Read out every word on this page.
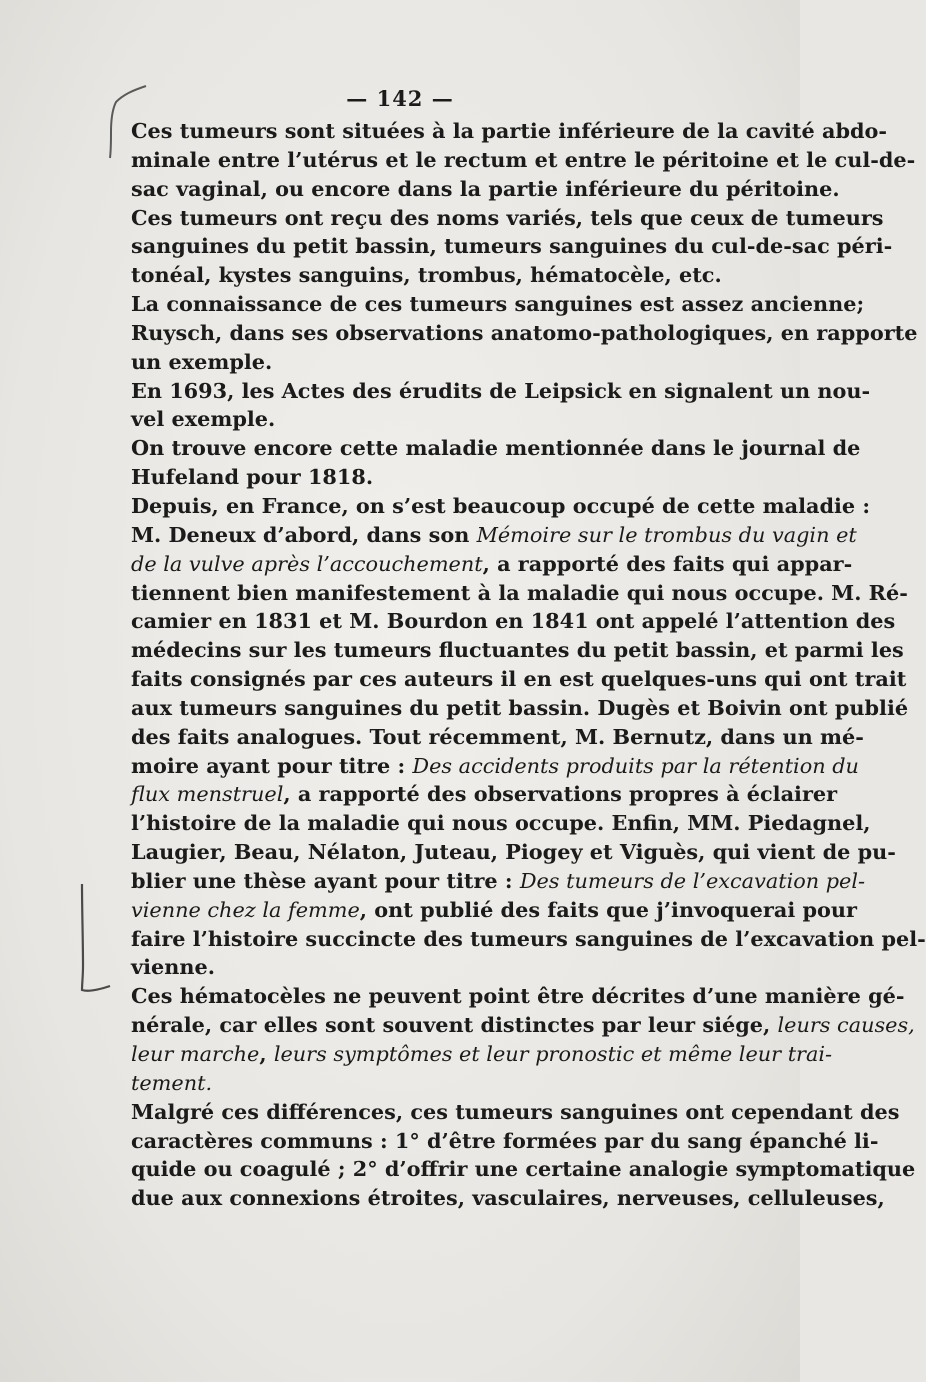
— 142 —

Ces tumeurs sont situées à la partie inférieure de la cavité abdo-
minale entre l’utérus et le rectum et entre le péritoine et le cul-de-
sac vaginal, ou encore dans la partie inférieure du péritoine.

Ces tumeurs ont reçu des noms variés, tels que ceux de tumeurs
sanguines du petit bassin, tumeurs sanguines du cul-de-sac péri-
tonéal, kystes sanguins, trombus, hématocèle, etc.

La connaissance de ces tumeurs sanguines est assez ancienne;
Ruysch, dans ses observations anatomo-pathologiques, en rapporte
un exemple.

En 1693, les Actes des érudits de Leipsick en signalent un nou-
vel exemple.

On trouve encore cette maladie mentionnée dans le journal de
Hufeland pour 1818.

Depuis, en France, on s’est beaucoup occupé de cette maladie :
M. Deneux d’abord, dans son Mémoire sur le trombus du vagin et
de la vulve après l’accouchement, a rapporté des faits qui appar-
tiennent bien manifestement à la maladie qui nous occupe. M. Ré-
camier en 1831 et M. Bourdon en 1841 ont appelé l’attention des
médecins sur les tumeurs fluctuantes du petit bassin, et parmi les
faits consignés par ces auteurs il en est quelques-uns qui ont trait
aux tumeurs sanguines du petit bassin. Dugès et Boivin ont publié
des faits analogues. Tout récemment, M. Bernutz, dans un mé-
moire ayant pour titre : Des accidents produits par la rétention du
flux menstruel, a rapporté des observations propres à éclairer
l’histoire de la maladie qui nous occupe. Enfin, MM. Piedagnel,
Laugier, Beau, Nélaton, Juteau, Piogey et Viguès, qui vient de pu-
blier une thèse ayant pour titre : Des tumeurs de l’excavation pel-
vienne chez la femme, ont publié des faits que j’invoquerai pour
faire l’histoire succincte des tumeurs sanguines de l’excavation pel-
vienne.

Ces hématocèles ne peuvent point être décrites d’une manière gé-
nérale, car elles sont souvent distinctes par leur siége, leurs causes,
leur marche, leurs symptômes et leur pronostic et même leur trai-
tement.

Malgré ces différences, ces tumeurs sanguines ont cependant des
caractères communs : 1° d’être formées par du sang épanché li-
quide ou coagulé ; 2° d’offrir une certaine analogie symptomatique
due aux connexions étroites, vasculaires, nerveuses, celluleuses,
